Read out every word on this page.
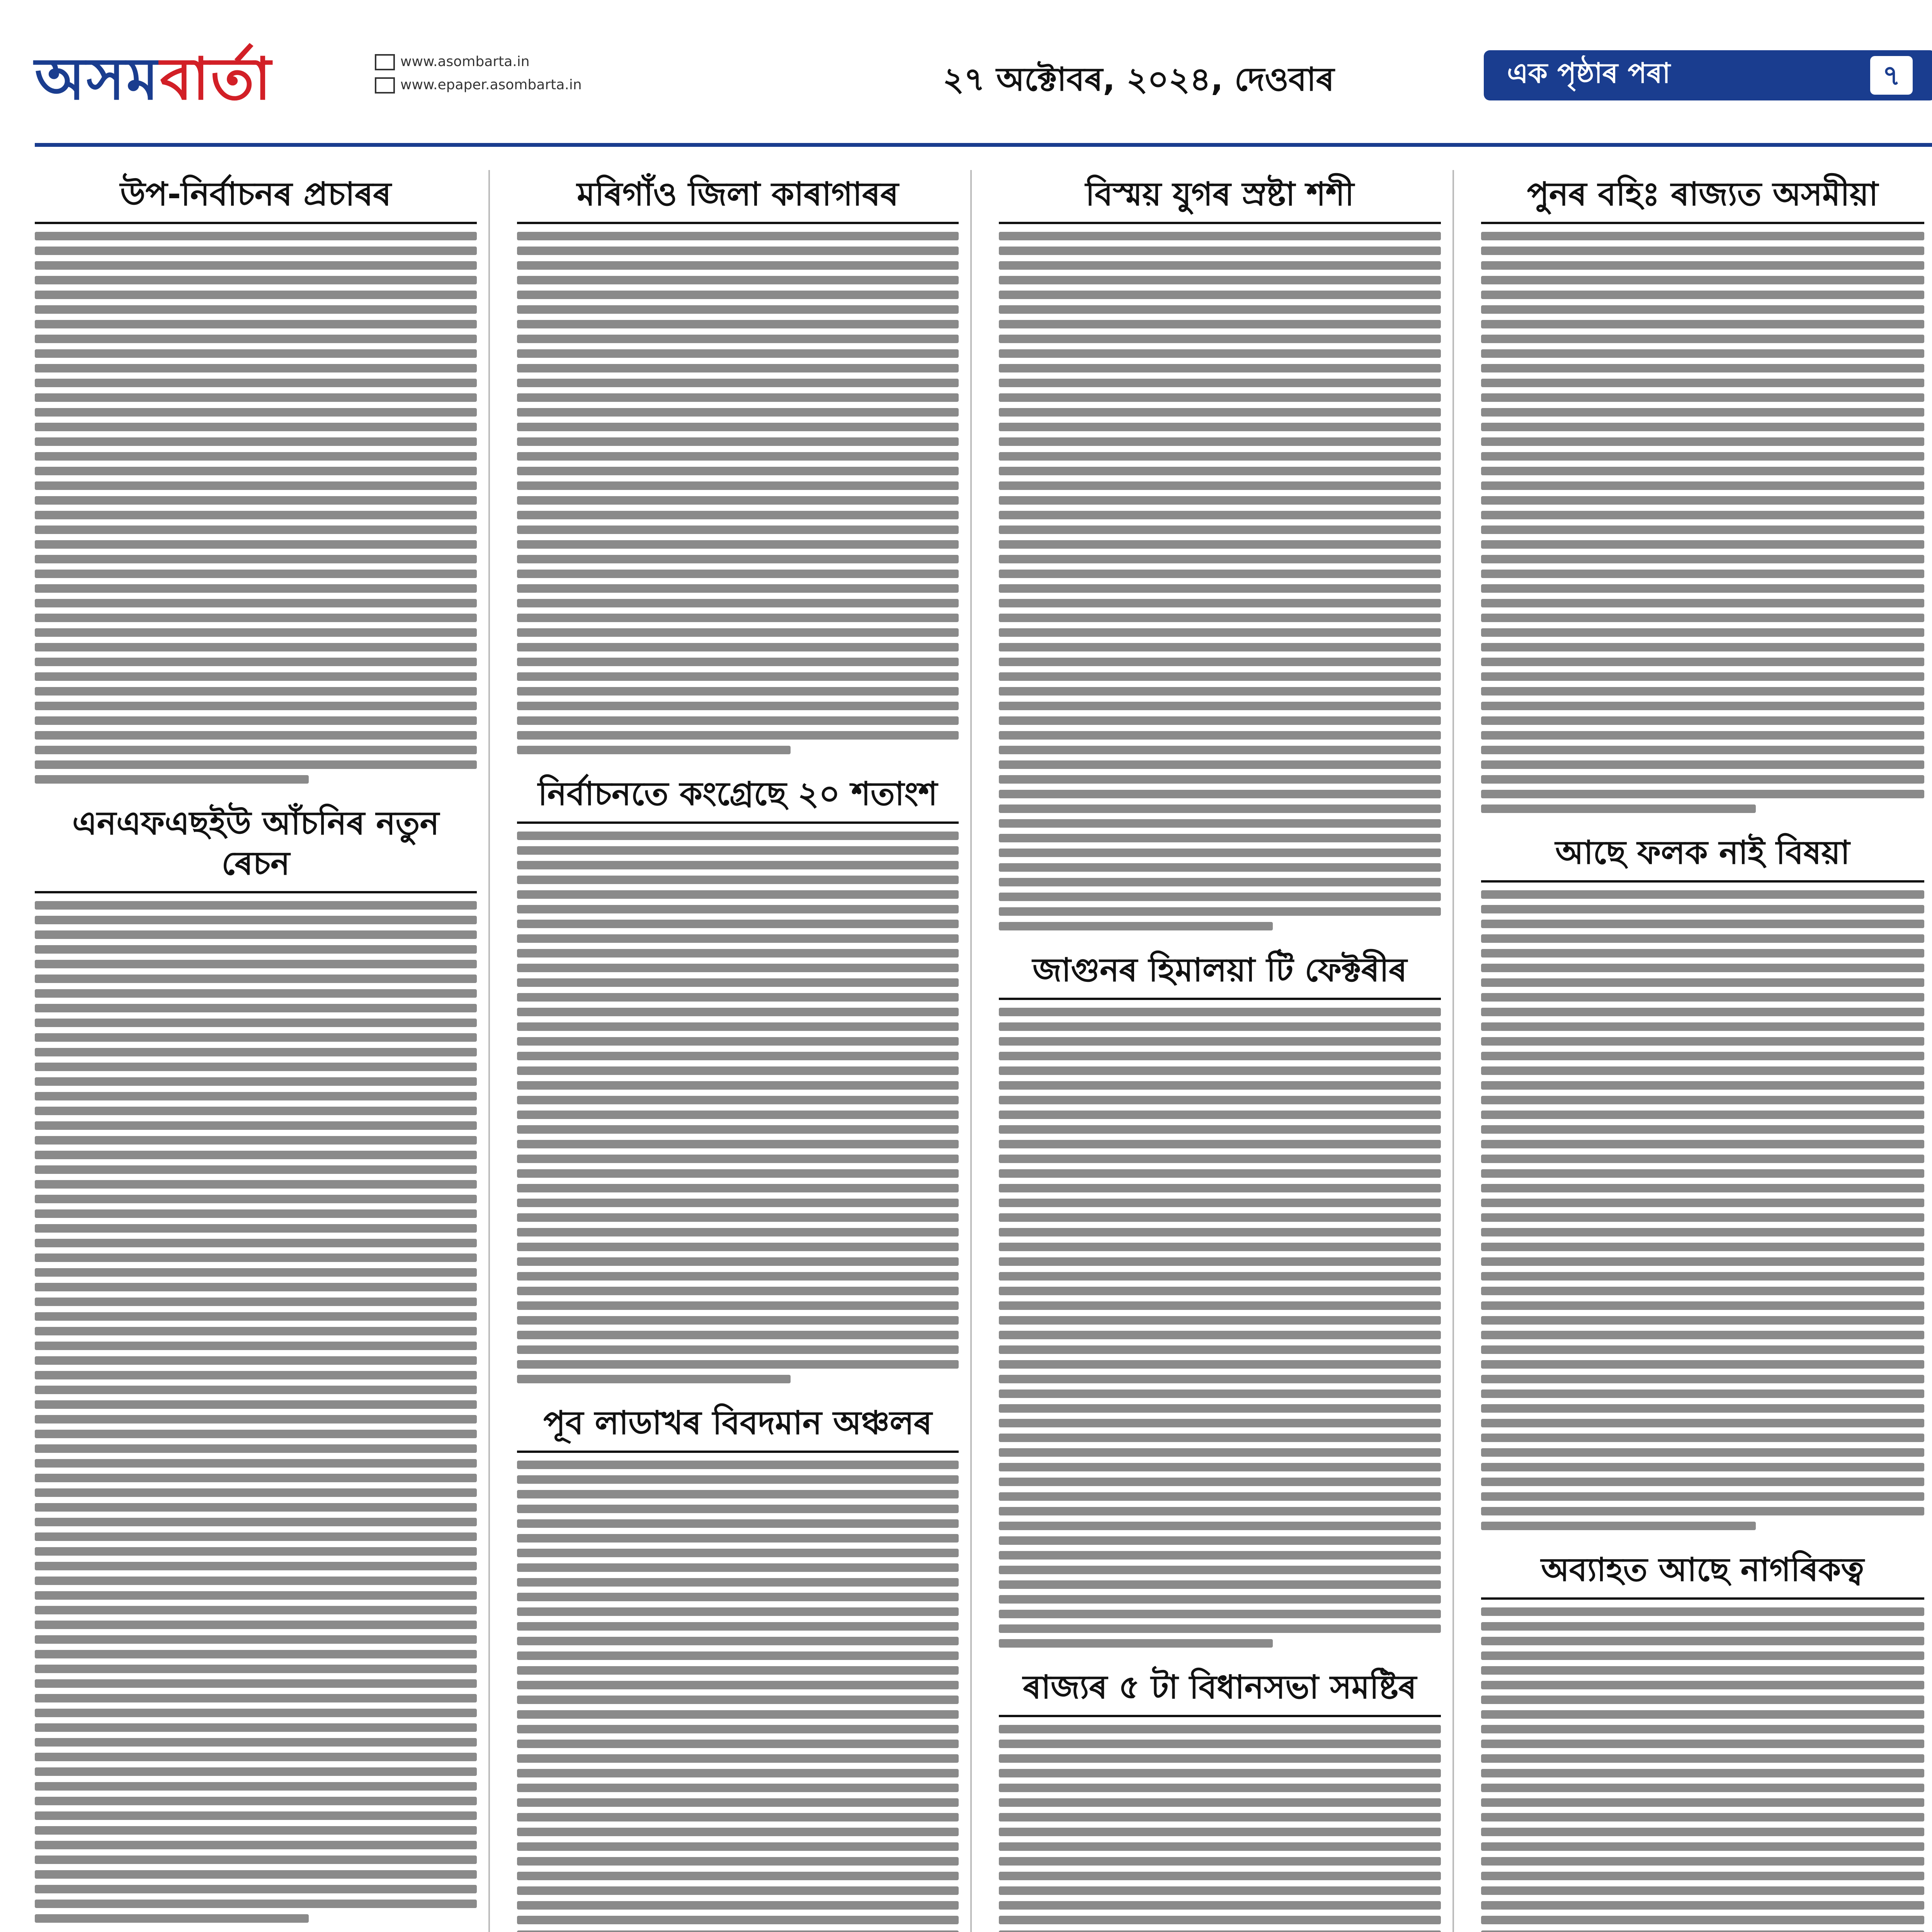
অসমবাৰ্তা	www.asombarta.in
www.epaper.asombarta.in	২৭ অক্টোবৰ, ২০২৪, দেওবাৰ	এক পৃষ্ঠাৰ পৰা	৭
উপ-নিৰ্বাচনৰ প্ৰচাৰৰ
এনএফএছইউ আঁচনিৰ নতুন ৰেচন
মৰিগাঁও জিলা কাৰাগাৰৰ
নিৰ্বাচনতে কংগ্ৰেছে ২০ শতাংশ
পূব লাডাখৰ বিবদমান অঞ্চলৰ
বিস্ময় যুগৰ স্ৰষ্টা শশী
জাগুনৰ হিমালয়া টি ফেক্টৰীৰ
ৰাজ্যৰ ৫ টা বিধানসভা সমষ্টিৰ
পুনৰ বহিঃ ৰাজ্যত অসমীয়া
আছে ফলক নাই বিষয়া
অব্যাহত আছে নাগৰিকত্ব
